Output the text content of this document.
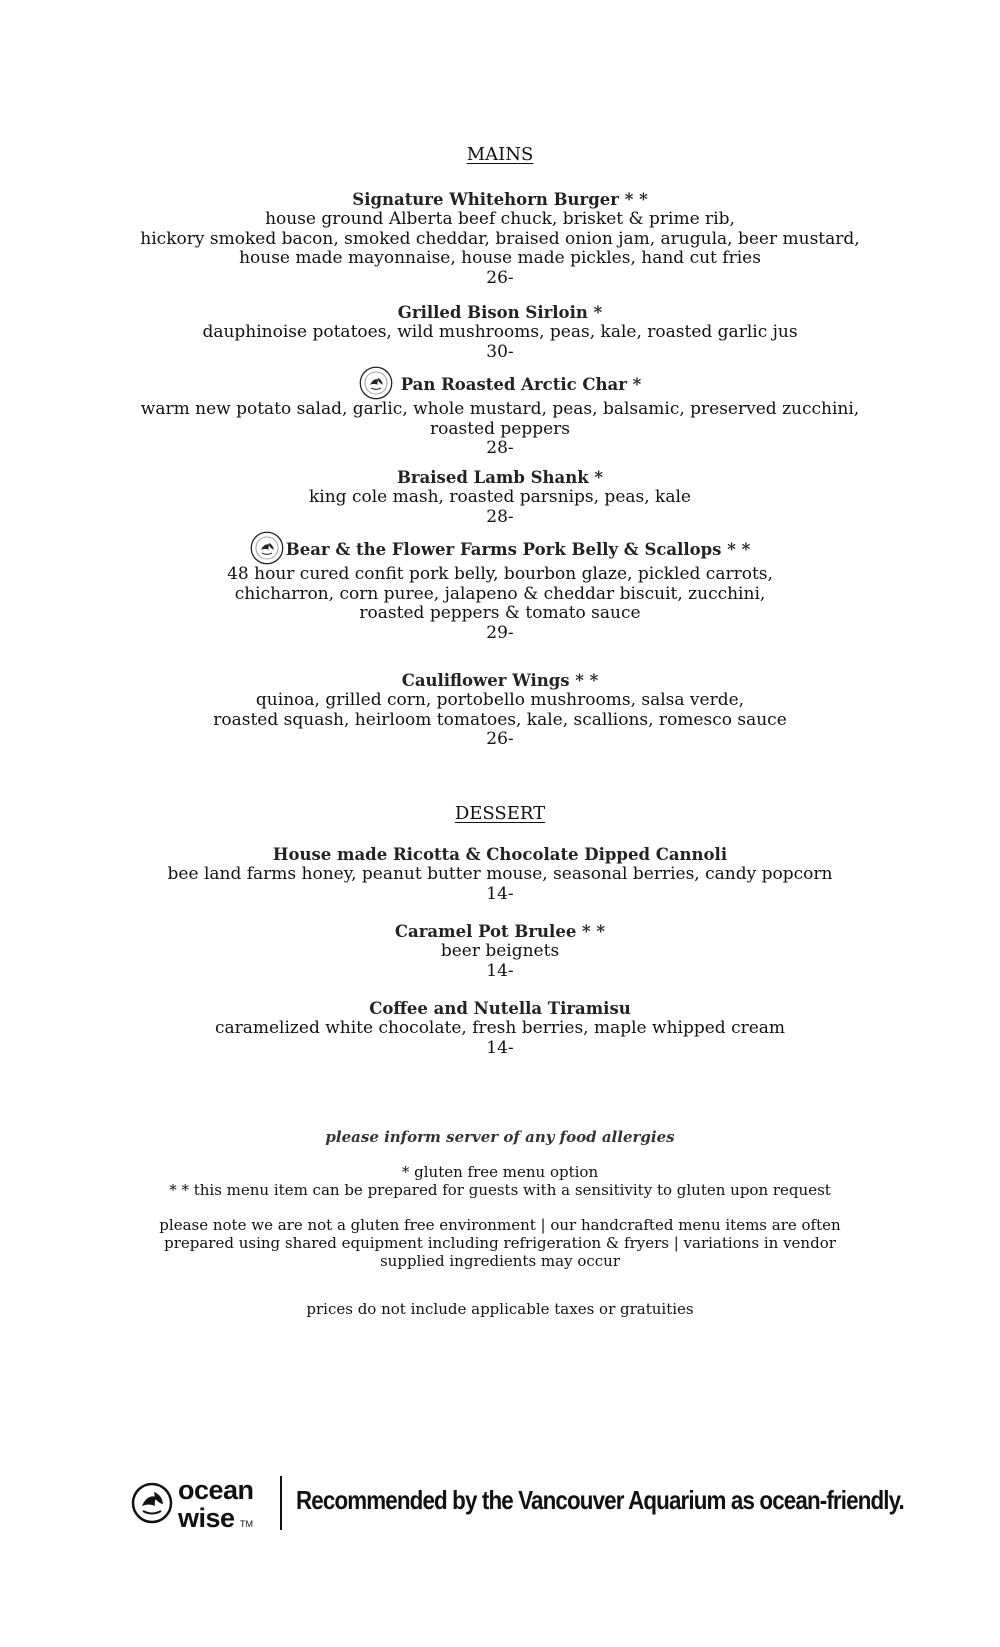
MAINS
Signature Whitehorn Burger * *
house ground Alberta beef chuck, brisket & prime rib,
hickory smoked bacon, smoked cheddar, braised onion jam, arugula, beer mustard,
house made mayonnaise, house made pickles, hand cut fries
26-
Grilled Bison Sirloin *
dauphinoise potatoes, wild mushrooms, peas, kale, roasted garlic jus
30-
Pan Roasted Arctic Char *
warm new potato salad, garlic, whole mustard, peas, balsamic, preserved zucchini,
roasted peppers
28-
Braised Lamb Shank *
king cole mash, roasted parsnips, peas, kale
28-
Bear & the Flower Farms Pork Belly & Scallops * *
48 hour cured confit pork belly, bourbon glaze, pickled carrots,
chicharron, corn puree, jalapeno & cheddar biscuit, zucchini,
roasted peppers & tomato sauce
29-
Cauliflower Wings * *
quinoa, grilled corn, portobello mushrooms, salsa verde,
roasted squash, heirloom tomatoes, kale, scallions, romesco sauce
26-
DESSERT
House made Ricotta & Chocolate Dipped Cannoli
bee land farms honey, peanut butter mouse, seasonal berries, candy popcorn
14-
Caramel Pot Brulee * *
beer beignets
14-
Coffee and Nutella Tiramisu
caramelized white chocolate, fresh berries, maple whipped cream
14-
please inform server of any food allergies
* gluten free menu option
* * this menu item can be prepared for guests with a sensitivity to gluten upon request
please note we are not a gluten free environment | our handcrafted menu items are often
prepared using shared equipment including refrigeration & fryers | variations in vendor
supplied ingredients may occur
prices do not include applicable taxes or gratuities
ocean
wise TM
Recommended by the Vancouver Aquarium as ocean-friendly.
